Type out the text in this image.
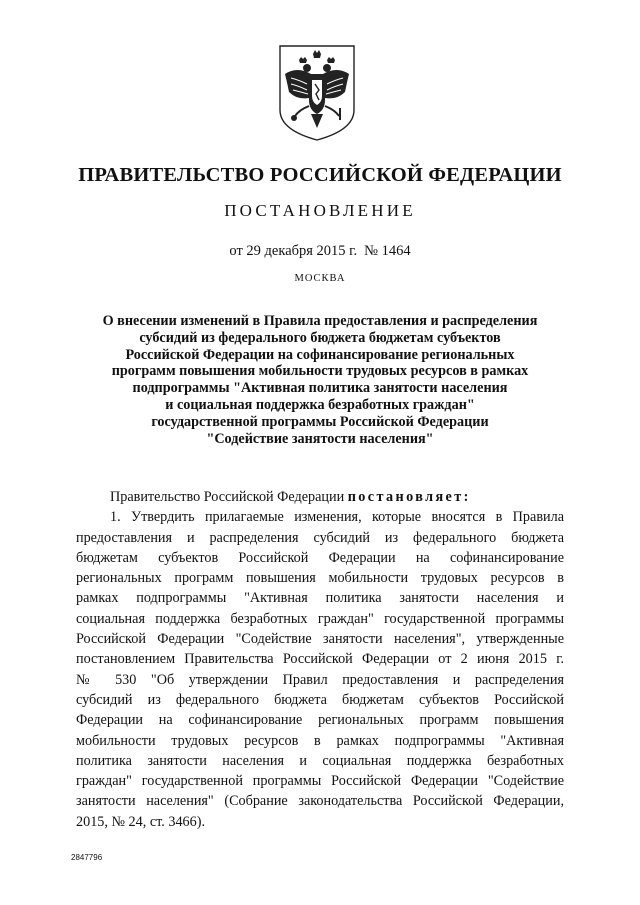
ПРАВИТЕЛЬСТВО РОССИЙСКОЙ ФЕДЕРАЦИИ
ПОСТАНОВЛЕНИЕ
от 29 декабря 2015 г. № 1464
МОСКВА
О внесении изменений в Правила предоставления и распределения
субсидий из федерального бюджета бюджетам субъектов
Российской Федерации на софинансирование региональных
программ повышения мобильности трудовых ресурсов в рамках
подпрограммы "Активная политика занятости населения
и социальная поддержка безработных граждан"
государственной программы Российской Федерации
"Содействие занятости населения"
Правительство Российской Федерации постановляет:
1. Утвердить прилагаемые изменения, которые вносятся в Правила
предоставления и распределения субсидий из федерального бюджета
бюджетам субъектов Российской Федерации на софинансирование
региональных программ повышения мобильности трудовых ресурсов в
рамках подпрограммы "Активная политика занятости населения и
социальная поддержка безработных граждан" государственной программы
Российской Федерации "Содействие занятости населения", утвержденные
постановлением Правительства Российской Федерации от 2 июня 2015 г.
№ 530 "Об утверждении Правил предоставления и распределения
субсидий из федерального бюджета бюджетам субъектов Российской
Федерации на софинансирование региональных программ повышения
мобильности трудовых ресурсов в рамках подпрограммы "Активная
политика занятости населения и социальная поддержка безработных
граждан" государственной программы Российской Федерации "Содействие
занятости населения" (Собрание законодательства Российской Федерации,
2015, № 24, ст. 3466).
2847796
